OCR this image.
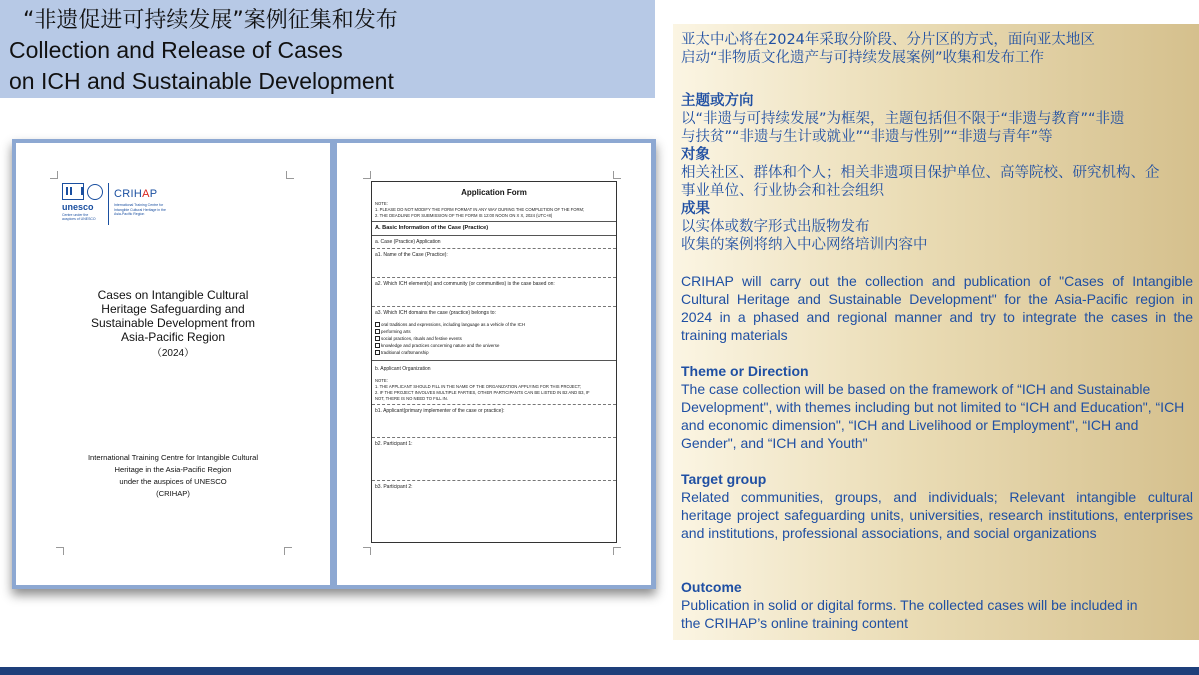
“非遗促进可持续发展”案例征集和发布
Collection and Release of Cases
on ICH and Sustainable Development
unesco
Centre under the auspices of UNESCO
CRIHAP
International Training Centre for Intangible Cultural Heritage in the Asia-Pacific Region
Cases on Intangible Cultural
Heritage Safeguarding and
Sustainable Development from
Asia-Pacific Region
（2024）
International Training Centre for Intangible Cultural
Heritage in the Asia-Pacific Region
under the auspices of UNESCO
(CRIHAP)
Application Form
NOTE:
1. PLEASE DO NOT MODIFY THE FORM FORMAT IN ANY WAY DURING THE COMPLETION OF THE FORM;
2. THE DEADLINE FOR SUBMISSION OF THE FORM IS 12:00 NOON ON X X, 2024 (UTC+8)
A. Basic Information of the Case (Practice)
a. Case (Practice) Application
a1. Name of the Case (Practice):
a2. Which ICH element(s) and community (or communities) is the case based on:
a3. Which ICH domains the case (practice) belongs to:
oral traditions and expressions, including language as a vehicle of the ICH
performing arts
social practices, rituals and festive events
knowledge and practices concerning nature and the universe
traditional craftsmanship
b. Applicant Organization
NOTE:
1. THE APPLICANT SHOULD FILL IN THE NAME OF THE ORGANIZATION APPLYING FOR THIS PROJECT;
2. IF THE PROJECT INVOLVES MULTIPLE PARTIES, OTHER PARTICIPANTS CAN BE LISTED IN B2 AND B3, IF
NOT, THERE IS NO NEED TO FILL IN.
b1. Applicant(primary implementer of the case or practice):
b2. Participant 1:
b3. Participant 2:
亚太中心将在2024年采取分阶段、分片区的方式，面向亚太地区
启动“非物质文化遗产与可持续发展案例”收集和发布工作
主题或方向
以“非遗与可持续发展”为框架，主题包括但不限于“非遗与教育”“非遗
与扶贫”“非遗与生计或就业”“非遗与性别”“非遗与青年”等
对象
相关社区、群体和个人；相关非遗项目保护单位、高等院校、研究机构、企
事业单位、行业协会和社会组织
成果
以实体或数字形式出版物发布
收集的案例将纳入中心网络培训内容中
CRIHAP will carry out the collection and publication of "Cases of Intangible Cultural Heritage and Sustainable Development" for the Asia-Pacific region in 2024 in a phased and regional manner and try to integrate the cases in the training materials
Theme or Direction
The case collection will be based on the framework of “ICH and Sustainable Development", with themes including but not limited to “ICH and Education", “ICH and economic dimension", “ICH and Livelihood or Employment", “ICH and Gender", and “ICH and Youth"
Target group
Related communities, groups, and individuals; Relevant intangible cultural heritage project safeguarding units, universities, research institutions, enterprises and institutions, professional associations, and social organizations
Outcome
Publication in solid or digital forms. The collected cases will be included in
the CRIHAP’s online training content
